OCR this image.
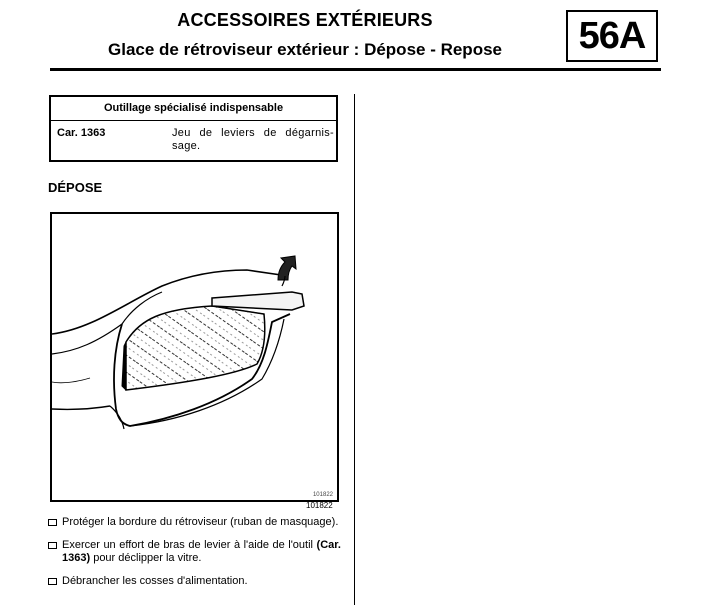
ACCESSOIRES EXTÉRIEURS
Glace de rétroviseur extérieur : Dépose - Repose	56A
Outillage spécialisé indispensable
Car. 1363	Jeu de leviers de dégarnis-sage.
DÉPOSE
101822
101822
Protéger la bordure du rétroviseur (ruban de masquage).
Exercer un effort de bras de levier à l'aide de l'outil (Car. 1363) pour déclipper la vitre.
Débrancher les cosses d'alimentation.
